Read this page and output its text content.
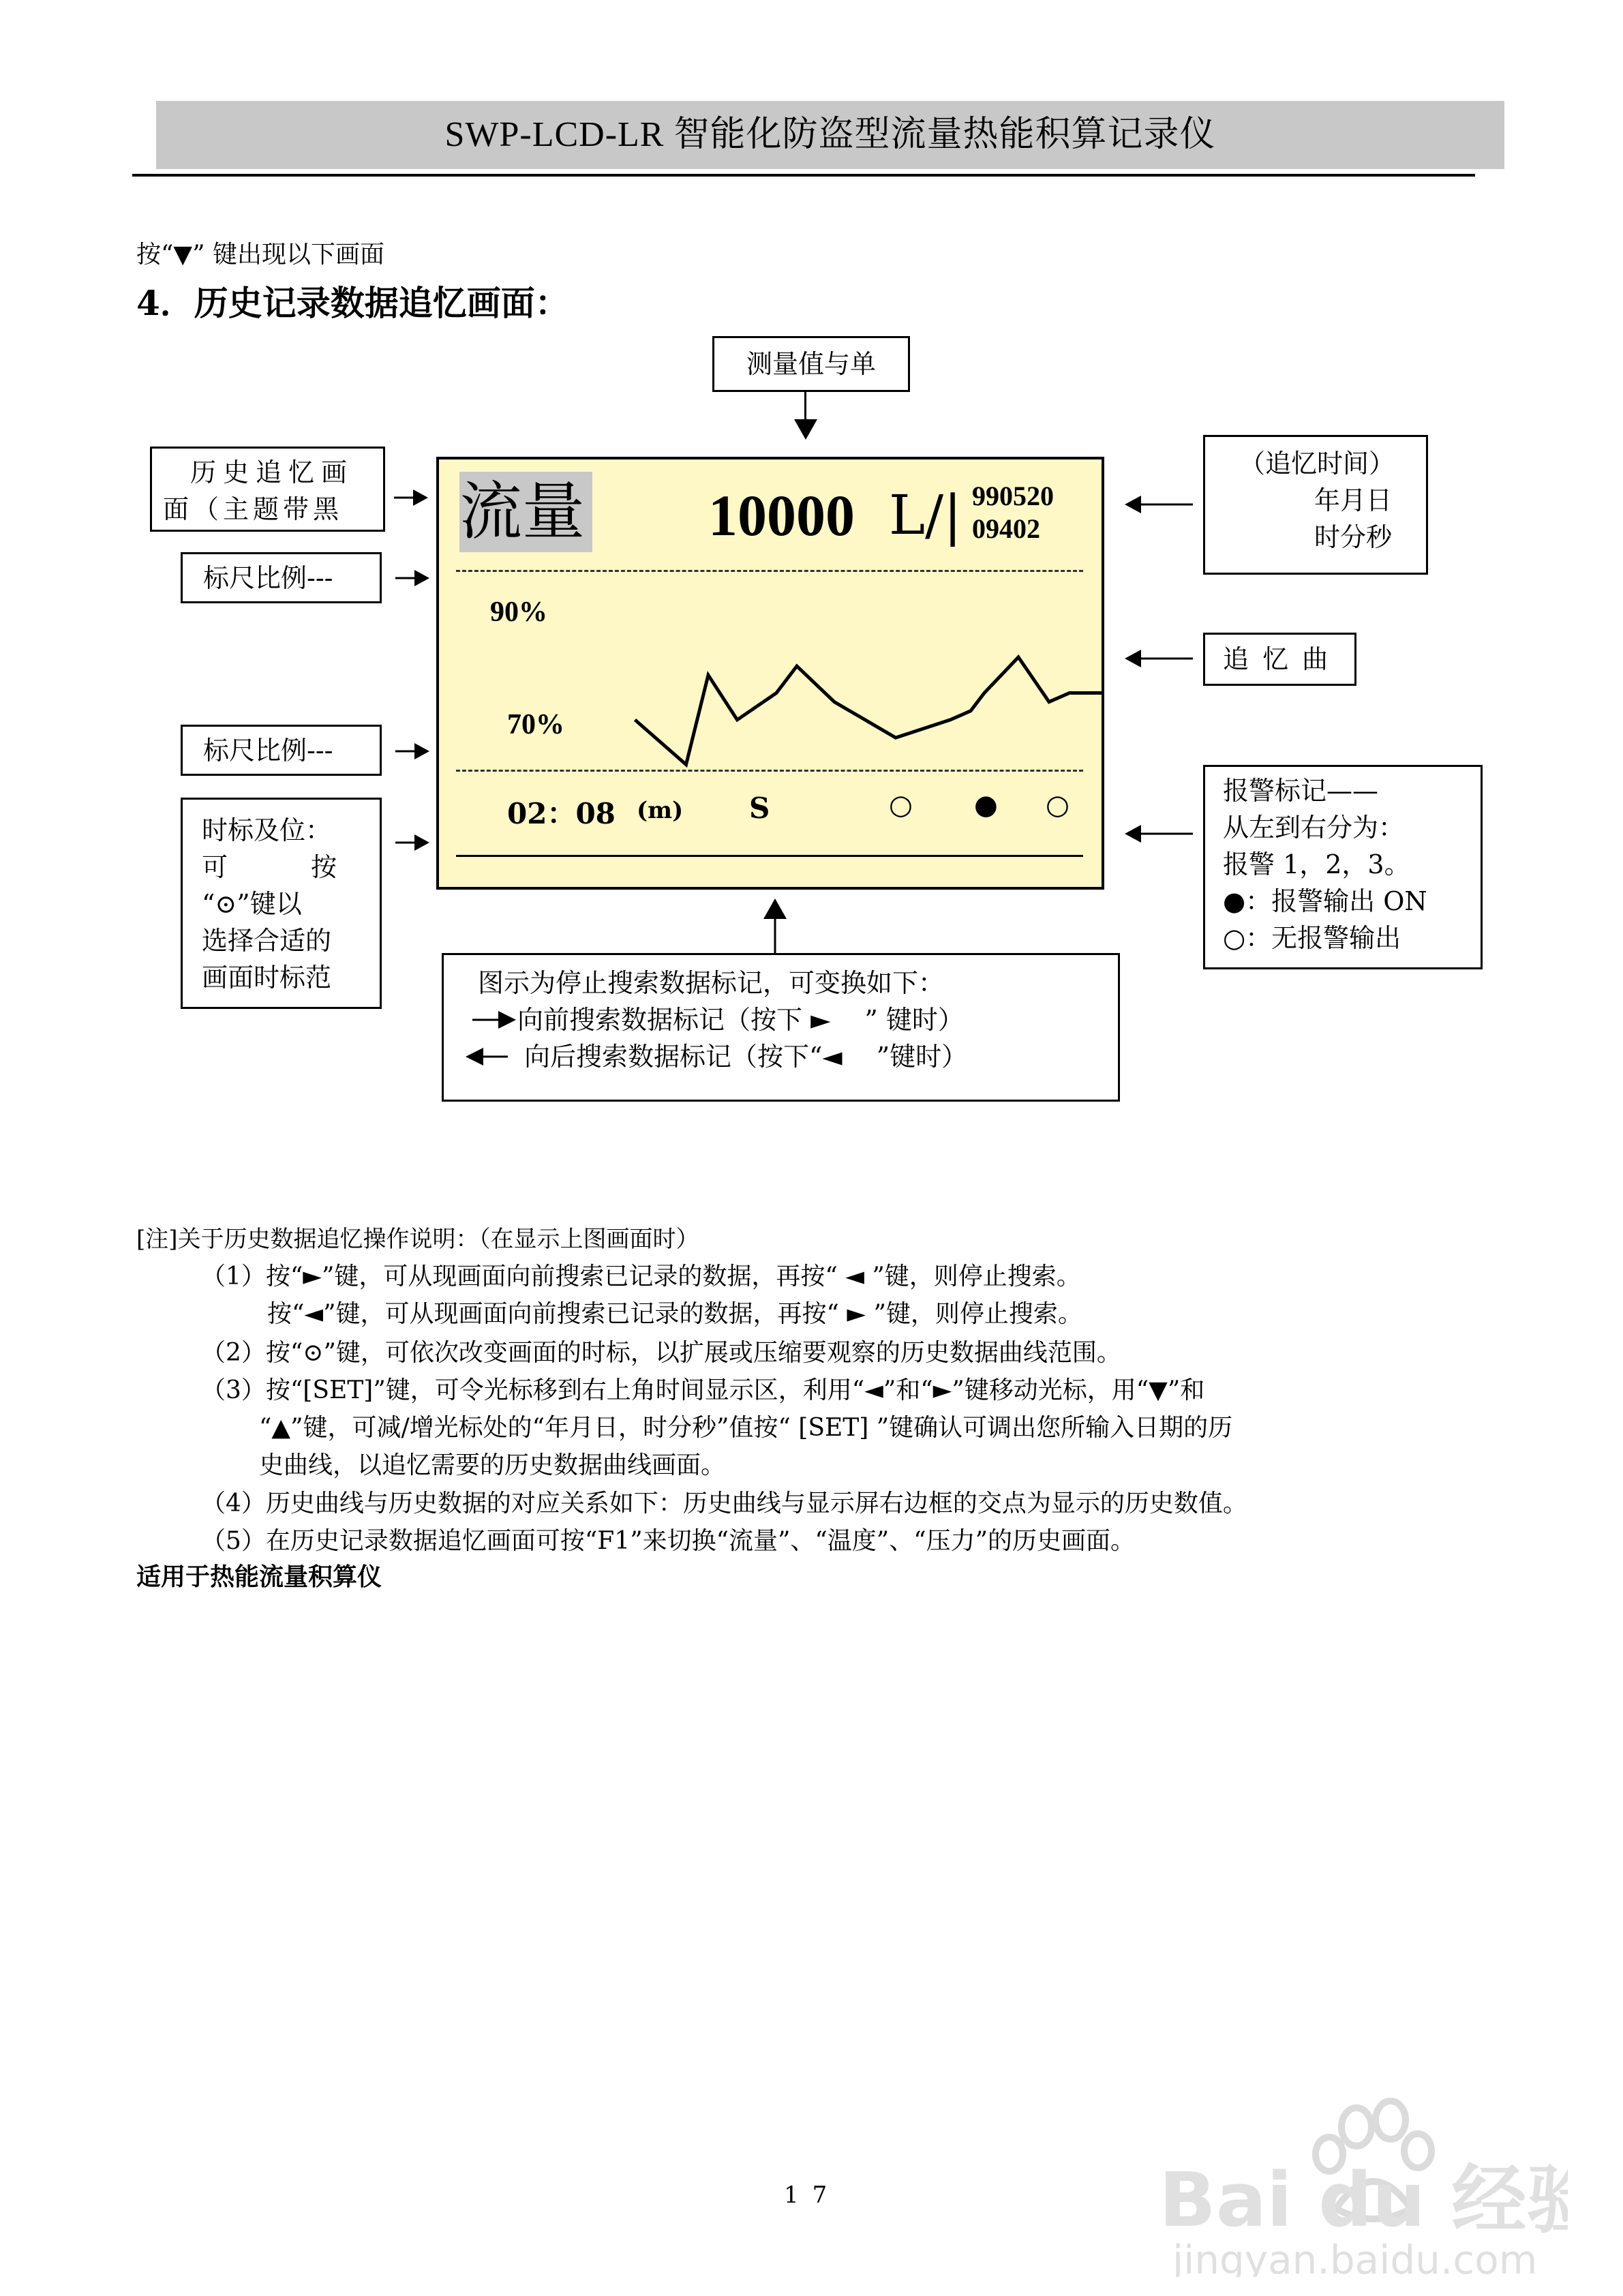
SWP-LCD-LR 智能化防盗型流量热能积算记录仪
按“▼” 键出现以下画面
4．历史记录数据追忆画面：
测量值与单
历史追忆画
面（主题带黑
标尺比例---
标尺比例---
时标及位：
可　　　按
“⊙”键以
选择合适的
画面时标范
流量 10000 L/| 990520
09402
90%
70%
02：08 (m) S	○ ● ○
（追忆时间）
年月日
时分秒
追 忆 曲
报警标记——
从左到右分为：
报警 1，2，3。
●：报警输出 ON
○：无报警输出
图示为停止搜索数据标记，可变换如下：
向前搜索数据标记（按下 ►　 ” 键时）
向后搜索数据标记（按下“◄　 ”键时）
[注]关于历史数据追忆操作说明：（在显示上图画面时）
（1）按“►”键，可从现画面向前搜索已记录的数据，再按“ ◄ ”键，则停止搜索。
按“◄”键，可从现画面向前搜索已记录的数据，再按“ ► ”键，则停止搜索。
（2）按“⊙”键，可依次改变画面的时标，以扩展或压缩要观察的历史数据曲线范围。
（3）按“[SET]”键，可令光标移到右上角时间显示区，利用“◄”和“►”键移动光标，用“▼”和
“▲”键，可减/增光标处的“年月日，时分秒”值按“ [SET] ”键确认可调出您所输入日期的历
史曲线，以追忆需要的历史数据曲线画面。
（4）历史曲线与历史数据的对应关系如下：历史曲线与显示屏右边框的交点为显示的历史数值。
（5）在历史记录数据追忆画面可按“F1”来切换“流量”、“温度”、“压力”的历史画面。
适用于热能流量积算仪
17	Bai du 经验
jingyan.baidu.com
